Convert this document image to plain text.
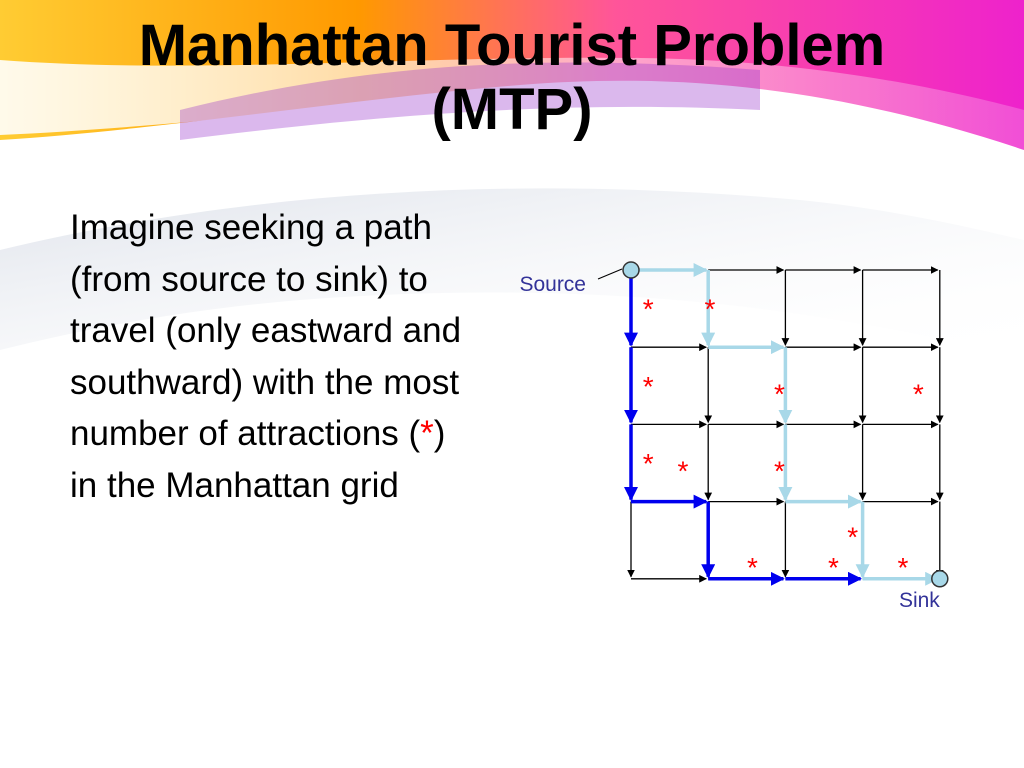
Manhattan Tourist Problem
(MTP)
Imagine seeking a path (from source to sink) to travel (only eastward and southward) with the most number of attractions (*) in the Manhattan grid
Source
Sink
* *
*	*	*
* *	*
*
*	* *
